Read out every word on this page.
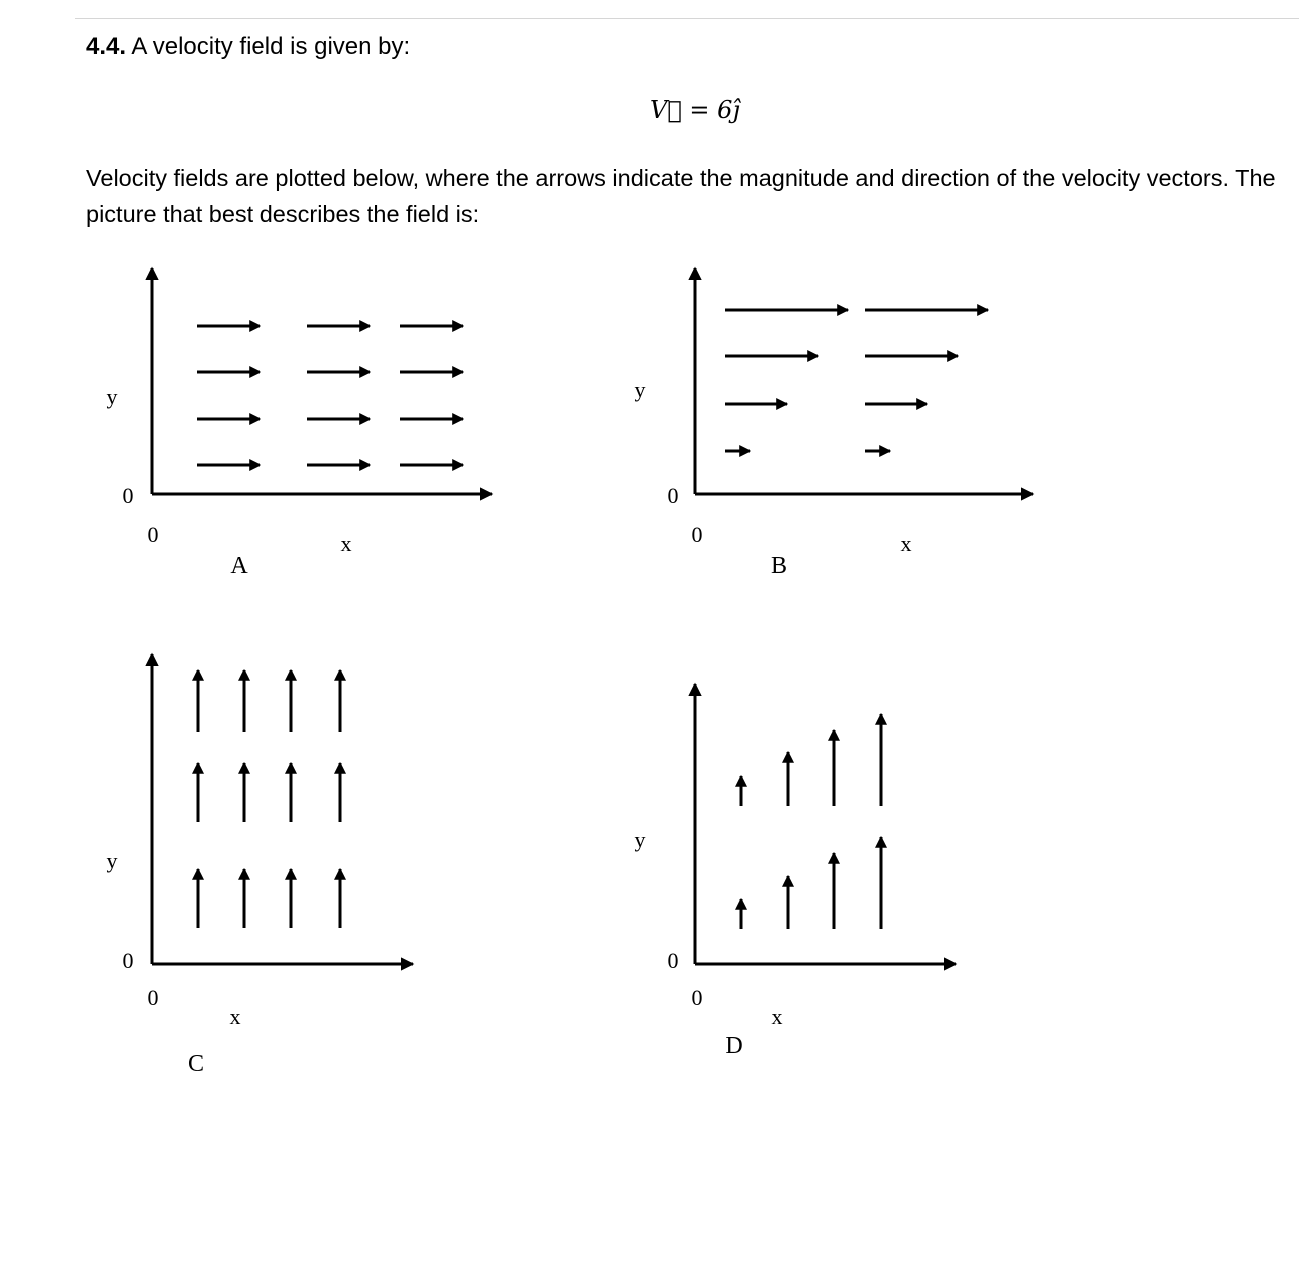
4.4. A velocity field is given by:
V⃗ = 6ĵ
Velocity fields are plotted below, where the arrows indicate the magnitude and direction of the velocity vectors. The picture that best describes the field is:
y
0
0	x
A
y
0
0	x
B
y
0
0
x
C
y
0
0
x
D
